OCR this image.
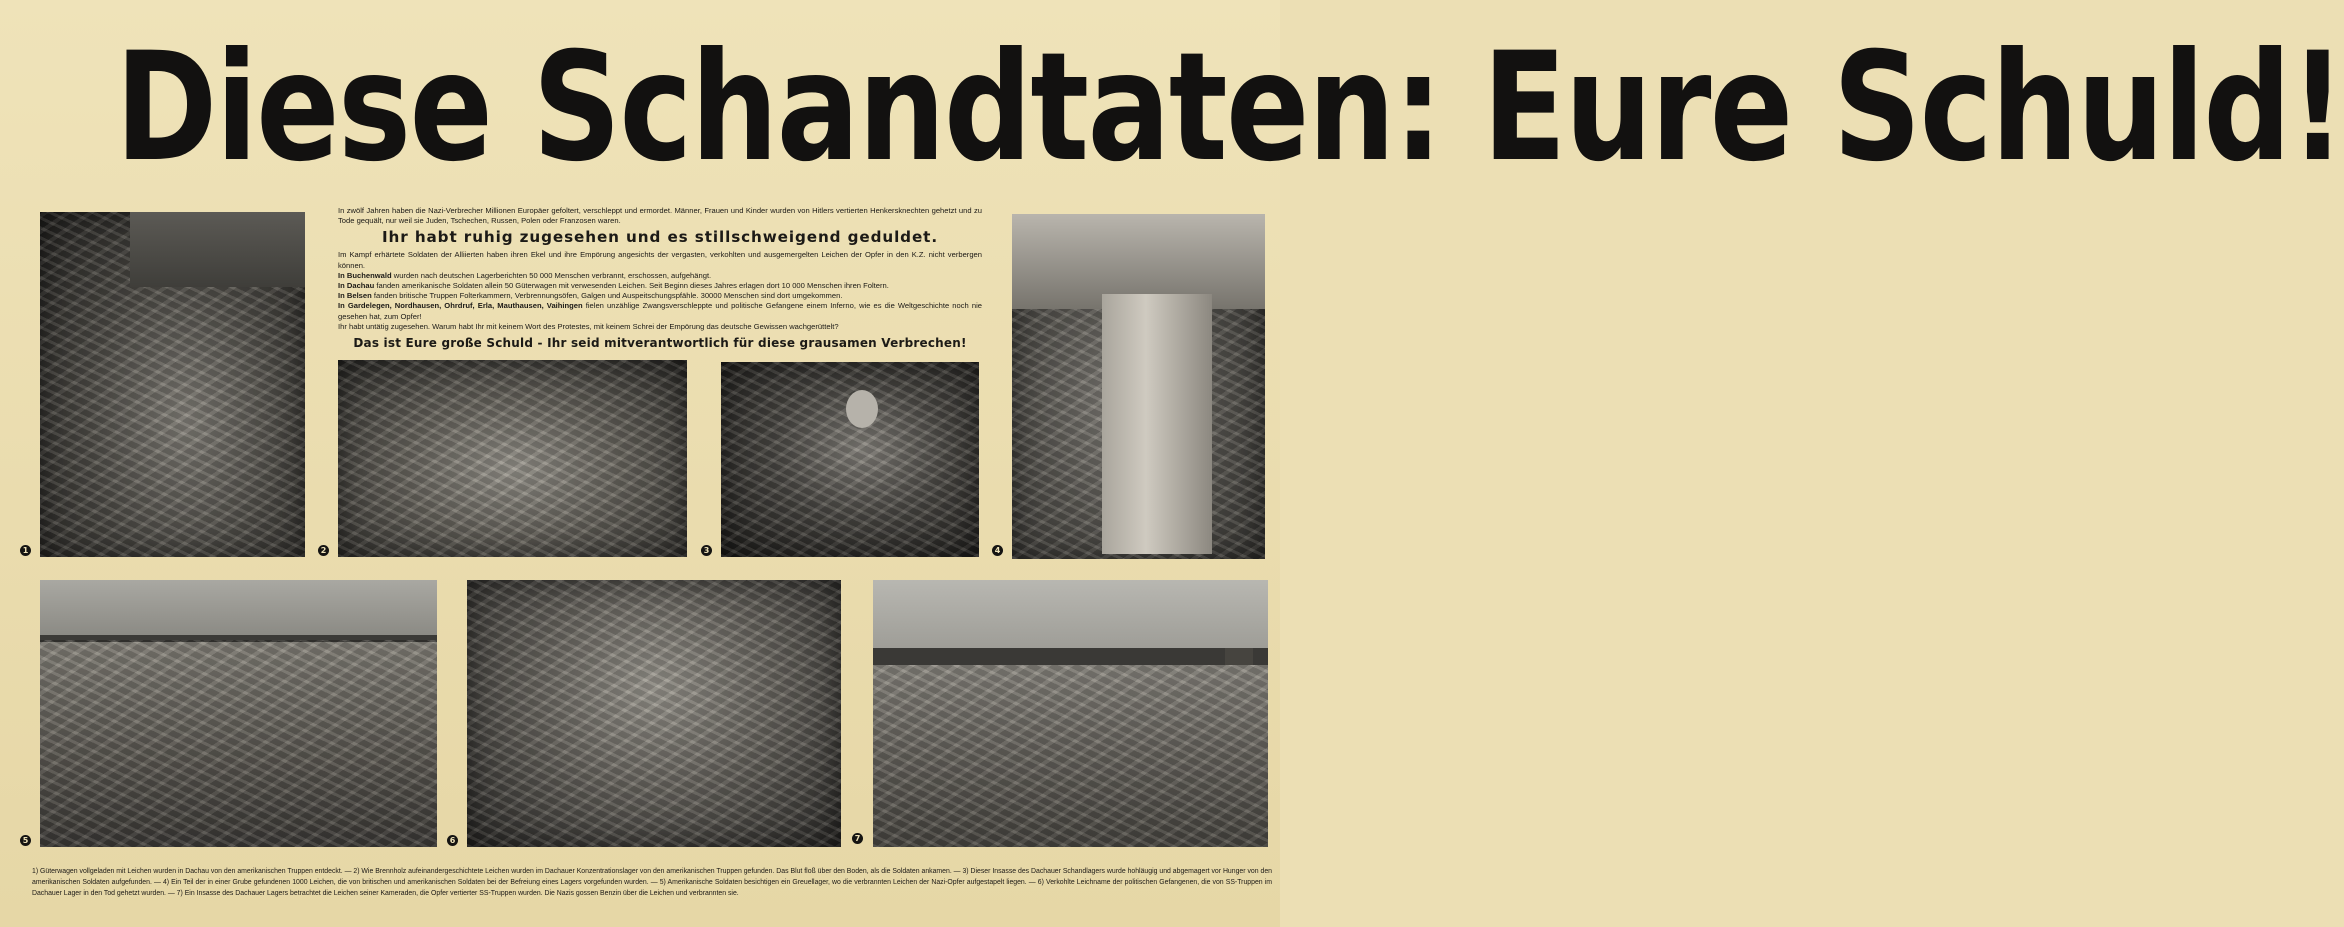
Diese Schandtaten: Eure Schuld!
1

In zwölf Jahren haben die Nazi-Verbrecher Millionen Europäer gefoltert, verschleppt und ermordet. Männer, Frauen und Kinder wurden von Hitlers vertierten Henkersknechten gehetzt und zu Tode gequält, nur weil sie Juden, Tschechen, Russen, Polen oder Franzosen waren.

Ihr habt ruhig zugesehen und es stillschweigend geduldet.

Im Kampf erhärtete Soldaten der Alliierten haben ihren Ekel und ihre Empörung angesichts der vergasten, verkohlten und ausgemergelten Leichen der Opfer in den K.Z. nicht verbergen können.

In Buchenwald wurden nach deutschen Lagerberichten 50 000 Menschen verbrannt, erschossen, aufgehängt.

In Dachau fanden amerikanische Soldaten allein 50 Güterwagen mit verwesenden Leichen. Seit Beginn dieses Jahres erlagen dort 10 000 Menschen ihren Foltern.

In Belsen fanden britische Truppen Folterkammern, Verbrennungsöfen, Galgen und Auspeitschungspfähle. 30000 Menschen sind dort umgekommen.

In Gardelegen, Nordhausen, Ohrdruf, Erla, Mauthausen, Vaihingen fielen unzählige Zwangsverschleppte und politische Gefangene einem Inferno, wie es die Weltgeschichte noch nie gesehen hat, zum Opfer!

Ihr habt untätig zugesehen. Warum habt Ihr mit keinem Wort des Protestes, mit keinem Schrei der Empörung das deutsche Gewissen wachgerüttelt?

Das ist Eure große Schuld - Ihr seid mitverantwortlich für diese grausamen Verbrechen!

2	3	4
5	6	7
1) Güterwagen vollgeladen mit Leichen wurden in Dachau von den amerikanischen Truppen entdeckt. — 2) Wie Brennholz aufeinandergeschichtete Leichen wurden im Dachauer Konzentrationslager von den amerikanischen Truppen gefunden. Das Blut floß über den Boden, als die Soldaten ankamen. — 3) Dieser Insasse des Dachauer Schandlagers wurde hohläugig und abgemagert vor Hunger von den amerikanischen Soldaten aufgefunden. — 4) Ein Teil der in einer Grube gefundenen 1000 Leichen, die von britischen und amerikanischen Soldaten bei der Befreiung eines Lagers vorgefunden wurden. — 5) Amerikanische Soldaten besichtigen ein Greuellager, wo die verbrannten Leichen der Nazi-Opfer aufgestapelt liegen. — 6) Verkohlte Leichname der politischen Gefangenen, die von SS-Truppen im Dachauer Lager in den Tod gehetzt wurden. — 7) Ein Insasse des Dachauer Lagers betrachtet die Leichen seiner Kameraden, die Opfer vertierter SS-Truppen wurden. Die Nazis gossen Benzin über die Leichen und verbrannten sie.
